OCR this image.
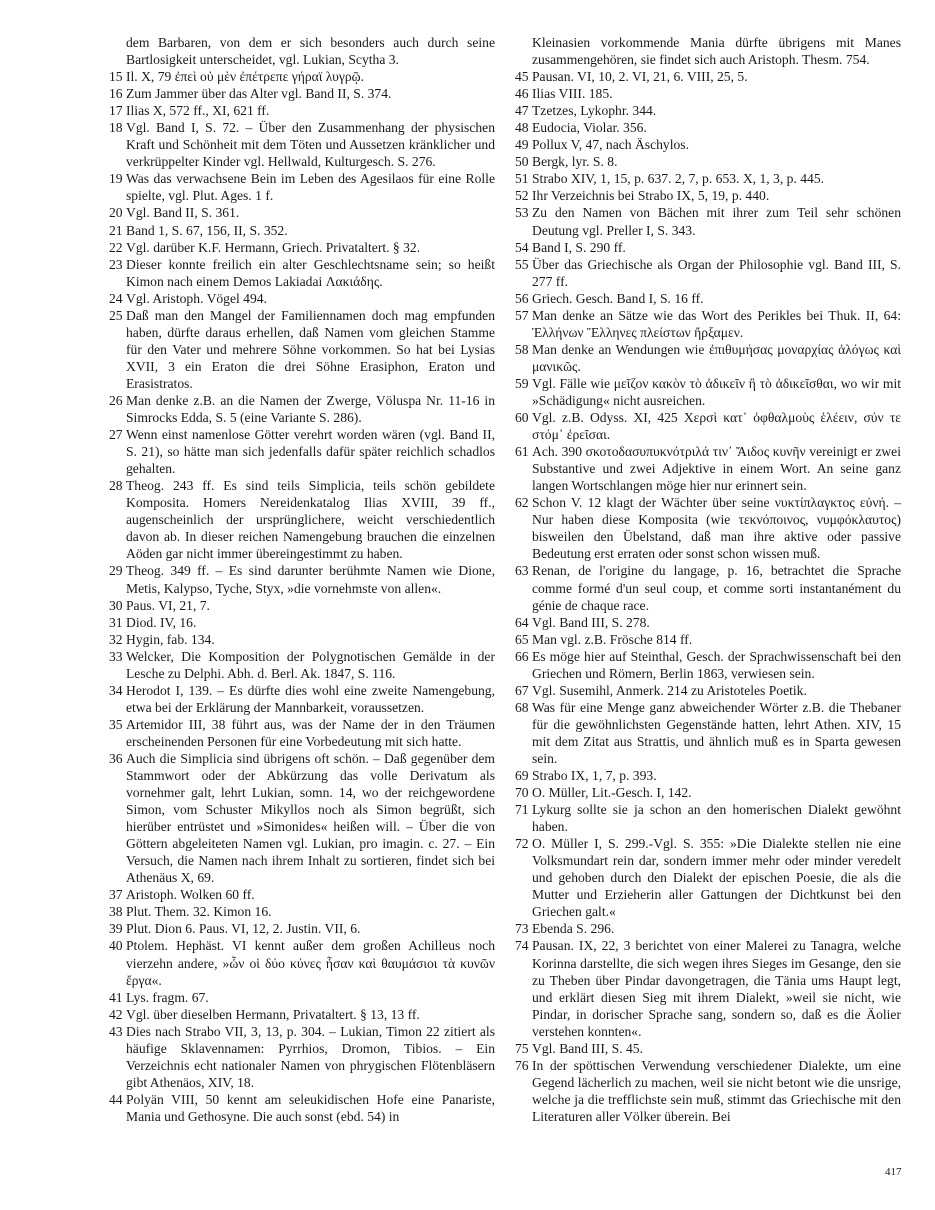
dem Barbaren, von dem er sich besonders auch durch seine Bartlosigkeit unterscheidet, vgl. Lukian, Scytha 3.
15 Il. X, 79 ἐπεὶ οὐ μὲν ἐπέτρεπε γήραϊ λυγρῷ.
16 Zum Jammer über das Alter vgl. Band II, S. 374.
17 Ilias X, 572 ff., XI, 621 ff.
18 Vgl. Band I, S. 72. – Über den Zusammenhang der physischen Kraft und Schönheit mit dem Töten und Aussetzen kränklicher und verkrüppelter Kinder vgl. Hellwald, Kulturgesch. S. 276.
19 Was das verwachsene Bein im Leben des Agesilaos für eine Rolle spielte, vgl. Plut. Ages. 1 f.
20 Vgl. Band II, S. 361.
21 Band 1, S. 67, 156, II, S. 352.
22 Vgl. darüber K.F. Hermann, Griech. Privataltert. § 32.
23 Dieser konnte freilich ein alter Geschlechtsname sein; so heißt Kimon nach einem Demos Lakiadai Λακιάδης.
24 Vgl. Aristoph. Vögel 494.
25 Daß man den Mangel der Familiennamen doch mag empfunden haben, dürfte daraus erhellen, daß Namen vom gleichen Stamme für den Vater und mehrere Söhne vorkommen. So hat bei Lysias XVII, 3 ein Eraton die drei Söhne Erasiphon, Eraton und Erasistratos.
26 Man denke z.B. an die Namen der Zwerge, Völuspa Nr. 11-16 in Simrocks Edda, S. 5 (eine Variante S. 286).
27 Wenn einst namenlose Götter verehrt worden wären (vgl. Band II, S. 21), so hätte man sich jedenfalls dafür später reichlich schadlos gehalten.
28 Theog. 243 ff. Es sind teils Simplicia, teils schön gebildete Komposita. Homers Nereidenkatalog Ilias XVIII, 39 ff., augenscheinlich der ursprünglichere, weicht verschiedentlich davon ab. In dieser reichen Namengebung brauchen die einzelnen Aöden gar nicht immer übereingestimmt zu haben.
29 Theog. 349 ff. – Es sind darunter berühmte Namen wie Dione, Metis, Kalypso, Tyche, Styx, »die vornehmste von allen«.
30 Paus. VI, 21, 7.
31 Diod. IV, 16.
32 Hygin, fab. 134.
33 Welcker, Die Komposition der Polygnotischen Gemälde in der Lesche zu Delphi. Abh. d. Berl. Ak. 1847, S. 116.
34 Herodot I, 139. – Es dürfte dies wohl eine zweite Namengebung, etwa bei der Erklärung der Mannbarkeit, voraussetzen.
35 Artemidor III, 38 führt aus, was der Name der in den Träumen erscheinenden Personen für eine Vorbedeutung mit sich hatte.
36 Auch die Simplicia sind übrigens oft schön. – Daß gegenüber dem Stammwort oder der Abkürzung das volle Derivatum als vornehmer galt, lehrt Lukian, somn. 14, wo der reichgewordene Simon, vom Schuster Mikyllos noch als Simon begrüßt, sich hierüber entrüstet und »Simonides« heißen will. – Über die von Göttern abgeleiteten Namen vgl. Lukian, pro imagin. c. 27. – Ein Versuch, die Namen nach ihrem Inhalt zu sortieren, findet sich bei Athenäus X, 69.
37 Aristoph. Wolken 60 ff.
38 Plut. Them. 32. Kimon 16.
39 Plut. Dion 6. Paus. VI, 12, 2. Justin. VII, 6.
40 Ptolem. Hephäst. VI kennt außer dem großen Achilleus noch vierzehn andere, »ὧν οἱ δύο κύνες ἦσαν καὶ θαυμάσιοι τὰ κυνῶν ἔργα«.
41 Lys. fragm. 67.
42 Vgl. über dieselben Hermann, Privataltert. § 13, 13 ff.
43 Dies nach Strabo VII, 3, 13, p. 304. – Lukian, Timon 22 zitiert als häufige Sklavennamen: Pyrrhios, Dromon, Tibios. – Ein Verzeichnis echt nationaler Namen von phrygischen Flötenbläsern gibt Athenäos, XIV, 18.
44 Polyän VIII, 50 kennt am seleukidischen Hofe eine Panariste, Mania und Gethosyne. Die auch sonst (ebd. 54) in
Kleinasien vorkommende Mania dürfte übrigens mit Manes zusammengehören, sie findet sich auch Aristoph. Thesm. 754.
45 Pausan. VI, 10, 2. VI, 21, 6. VIII, 25, 5.
46 Ilias VIII. 185.
47 Tzetzes, Lykophr. 344.
48 Eudocia, Violar. 356.
49 Pollux V, 47, nach Äschylos.
50 Bergk, lyr. S. 8.
51 Strabo XIV, 1, 15, p. 637. 2, 7, p. 653. X, 1, 3, p. 445.
52 Ihr Verzeichnis bei Strabo IX, 5, 19, p. 440.
53 Zu den Namen von Bächen mit ihrer zum Teil sehr schönen Deutung vgl. Preller I, S. 343.
54 Band I, S. 290 ff.
55 Über das Griechische als Organ der Philosophie vgl. Band III, S. 277 ff.
56 Griech. Gesch. Band I, S. 16 ff.
57 Man denke an Sätze wie das Wort des Perikles bei Thuk. II, 64: Ἑλλήνων Ἕλληνες πλείστων ἤρξαμεν.
58 Man denke an Wendungen wie ἐπιθυμήσας μοναρχίας ἀλόγως καὶ μανικῶς.
59 Vgl. Fälle wie μεῖζον κακὸν τὸ ἀδικεῖν ἢ τὸ ἀδικεῖσθαι, wo wir mit »Schädigung« nicht ausreichen.
60 Vgl. z.B. Odyss. XI, 425 Χερσὶ κατ᾽ ὀφθαλμοὺς ἑλέειν, σύν τε στόμ᾽ ἐρεῖσαι.
61 Ach. 390 σκοτοδασυπυκνότριλά τιν᾽ Ἄιδος κυνῆν vereinigt er zwei Substantive und zwei Adjektive in einem Wort. An seine ganz langen Wortschlangen möge hier nur erinnert sein.
62 Schon V. 12 klagt der Wächter über seine νυκτίπλαγκτος εὐνή. – Nur haben diese Komposita (wie τεκνόποινος, νυμφόκλαυτος) bisweilen den Übelstand, daß man ihre aktive oder passive Bedeutung erst erraten oder sonst schon wissen muß.
63 Renan, de l'origine du langage, p. 16, betrachtet die Sprache comme formé d'un seul coup, et comme sorti instantanément du génie de chaque race.
64 Vgl. Band III, S. 278.
65 Man vgl. z.B. Frösche 814 ff.
66 Es möge hier auf Steinthal, Gesch. der Sprachwissenschaft bei den Griechen und Römern, Berlin 1863, verwiesen sein.
67 Vgl. Susemihl, Anmerk. 214 zu Aristoteles Poetik.
68 Was für eine Menge ganz abweichender Wörter z.B. die Thebaner für die gewöhnlichsten Gegenstände hatten, lehrt Athen. XIV, 15 mit dem Zitat aus Strattis, und ähnlich muß es in Sparta gewesen sein.
69 Strabo IX, 1, 7, p. 393.
70 O. Müller, Lit.-Gesch. I, 142.
71 Lykurg sollte sie ja schon an den homerischen Dialekt gewöhnt haben.
72 O. Müller I, S. 299.-Vgl. S. 355: »Die Dialekte stellen nie eine Volksmundart rein dar, sondern immer mehr oder minder veredelt und gehoben durch den Dialekt der epischen Poesie, die als die Mutter und Erzieherin aller Gattungen der Dichtkunst bei den Griechen galt.«
73 Ebenda S. 296.
74 Pausan. IX, 22, 3 berichtet von einer Malerei zu Tanagra, welche Korinna darstellte, die sich wegen ihres Sieges im Gesange, den sie zu Theben über Pindar davongetragen, die Tänia ums Haupt legt, und erklärt diesen Sieg mit ihrem Dialekt, »weil sie nicht, wie Pindar, in dorischer Sprache sang, sondern so, daß es die Äolier verstehen konnten«.
75 Vgl. Band III, S. 45.
76 In der spöttischen Verwendung verschiedener Dialekte, um eine Gegend lächerlich zu machen, weil sie nicht betont wie die unsrige, welche ja die trefflichste sein muß, stimmt das Griechische mit den Literaturen aller Völker überein. Bei
417
